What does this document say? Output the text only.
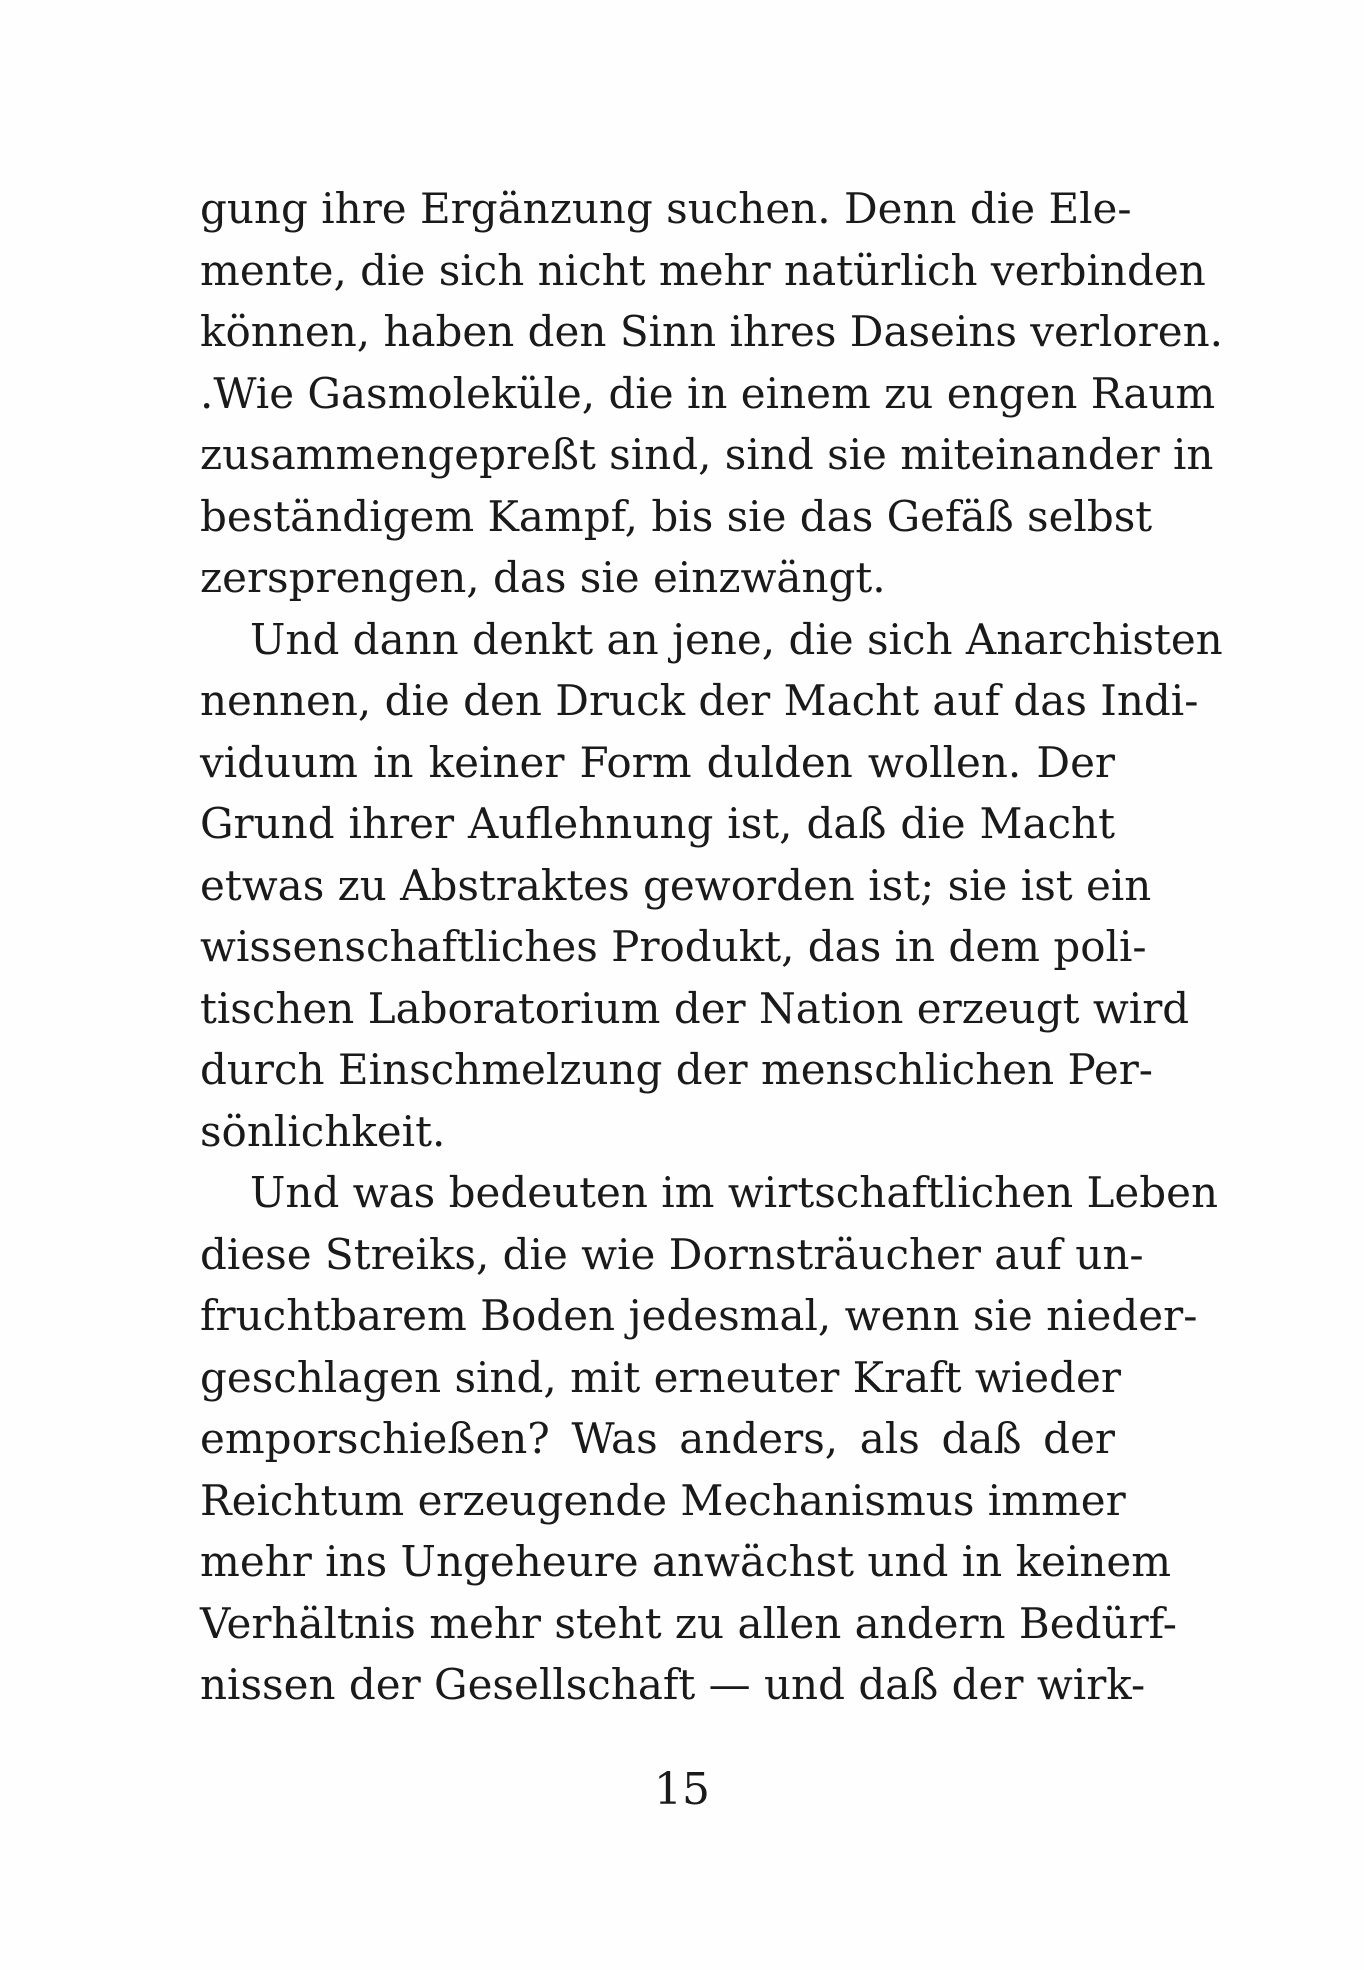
gung ihre Ergänzung suchen. Denn die Ele-
mente, die sich nicht mehr natürlich verbinden
können, haben den Sinn ihres Daseins verloren.
.Wie Gasmoleküle, die in einem zu engen Raum
zusammengepreßt sind, sind sie miteinander in
beständigem Kampf, bis sie das Gefäß selbst
zersprengen, das sie einzwängt.
Und dann denkt an jene, die sich Anarchisten
nennen, die den Druck der Macht auf das Indi-
viduum in keiner Form dulden wollen. Der
Grund ihrer Auflehnung ist, daß die Macht
etwas zu Abstraktes geworden ist; sie ist ein
wissenschaftliches Produkt, das in dem poli-
tischen Laboratorium der Nation erzeugt wird
durch Einschmelzung der menschlichen Per-
sönlichkeit.
Und was bedeuten im wirtschaftlichen Leben
diese Streiks, die wie Dornsträucher auf un-
fruchtbarem Boden jedesmal, wenn sie nieder-
geschlagen sind, mit erneuter Kraft wieder
emporschießen? Was anders, als daß der
Reichtum erzeugende Mechanismus immer
mehr ins Ungeheure anwächst und in keinem
Verhältnis mehr steht zu allen andern Bedürf-
nissen der Gesellschaft — und daß der wirk-
15
